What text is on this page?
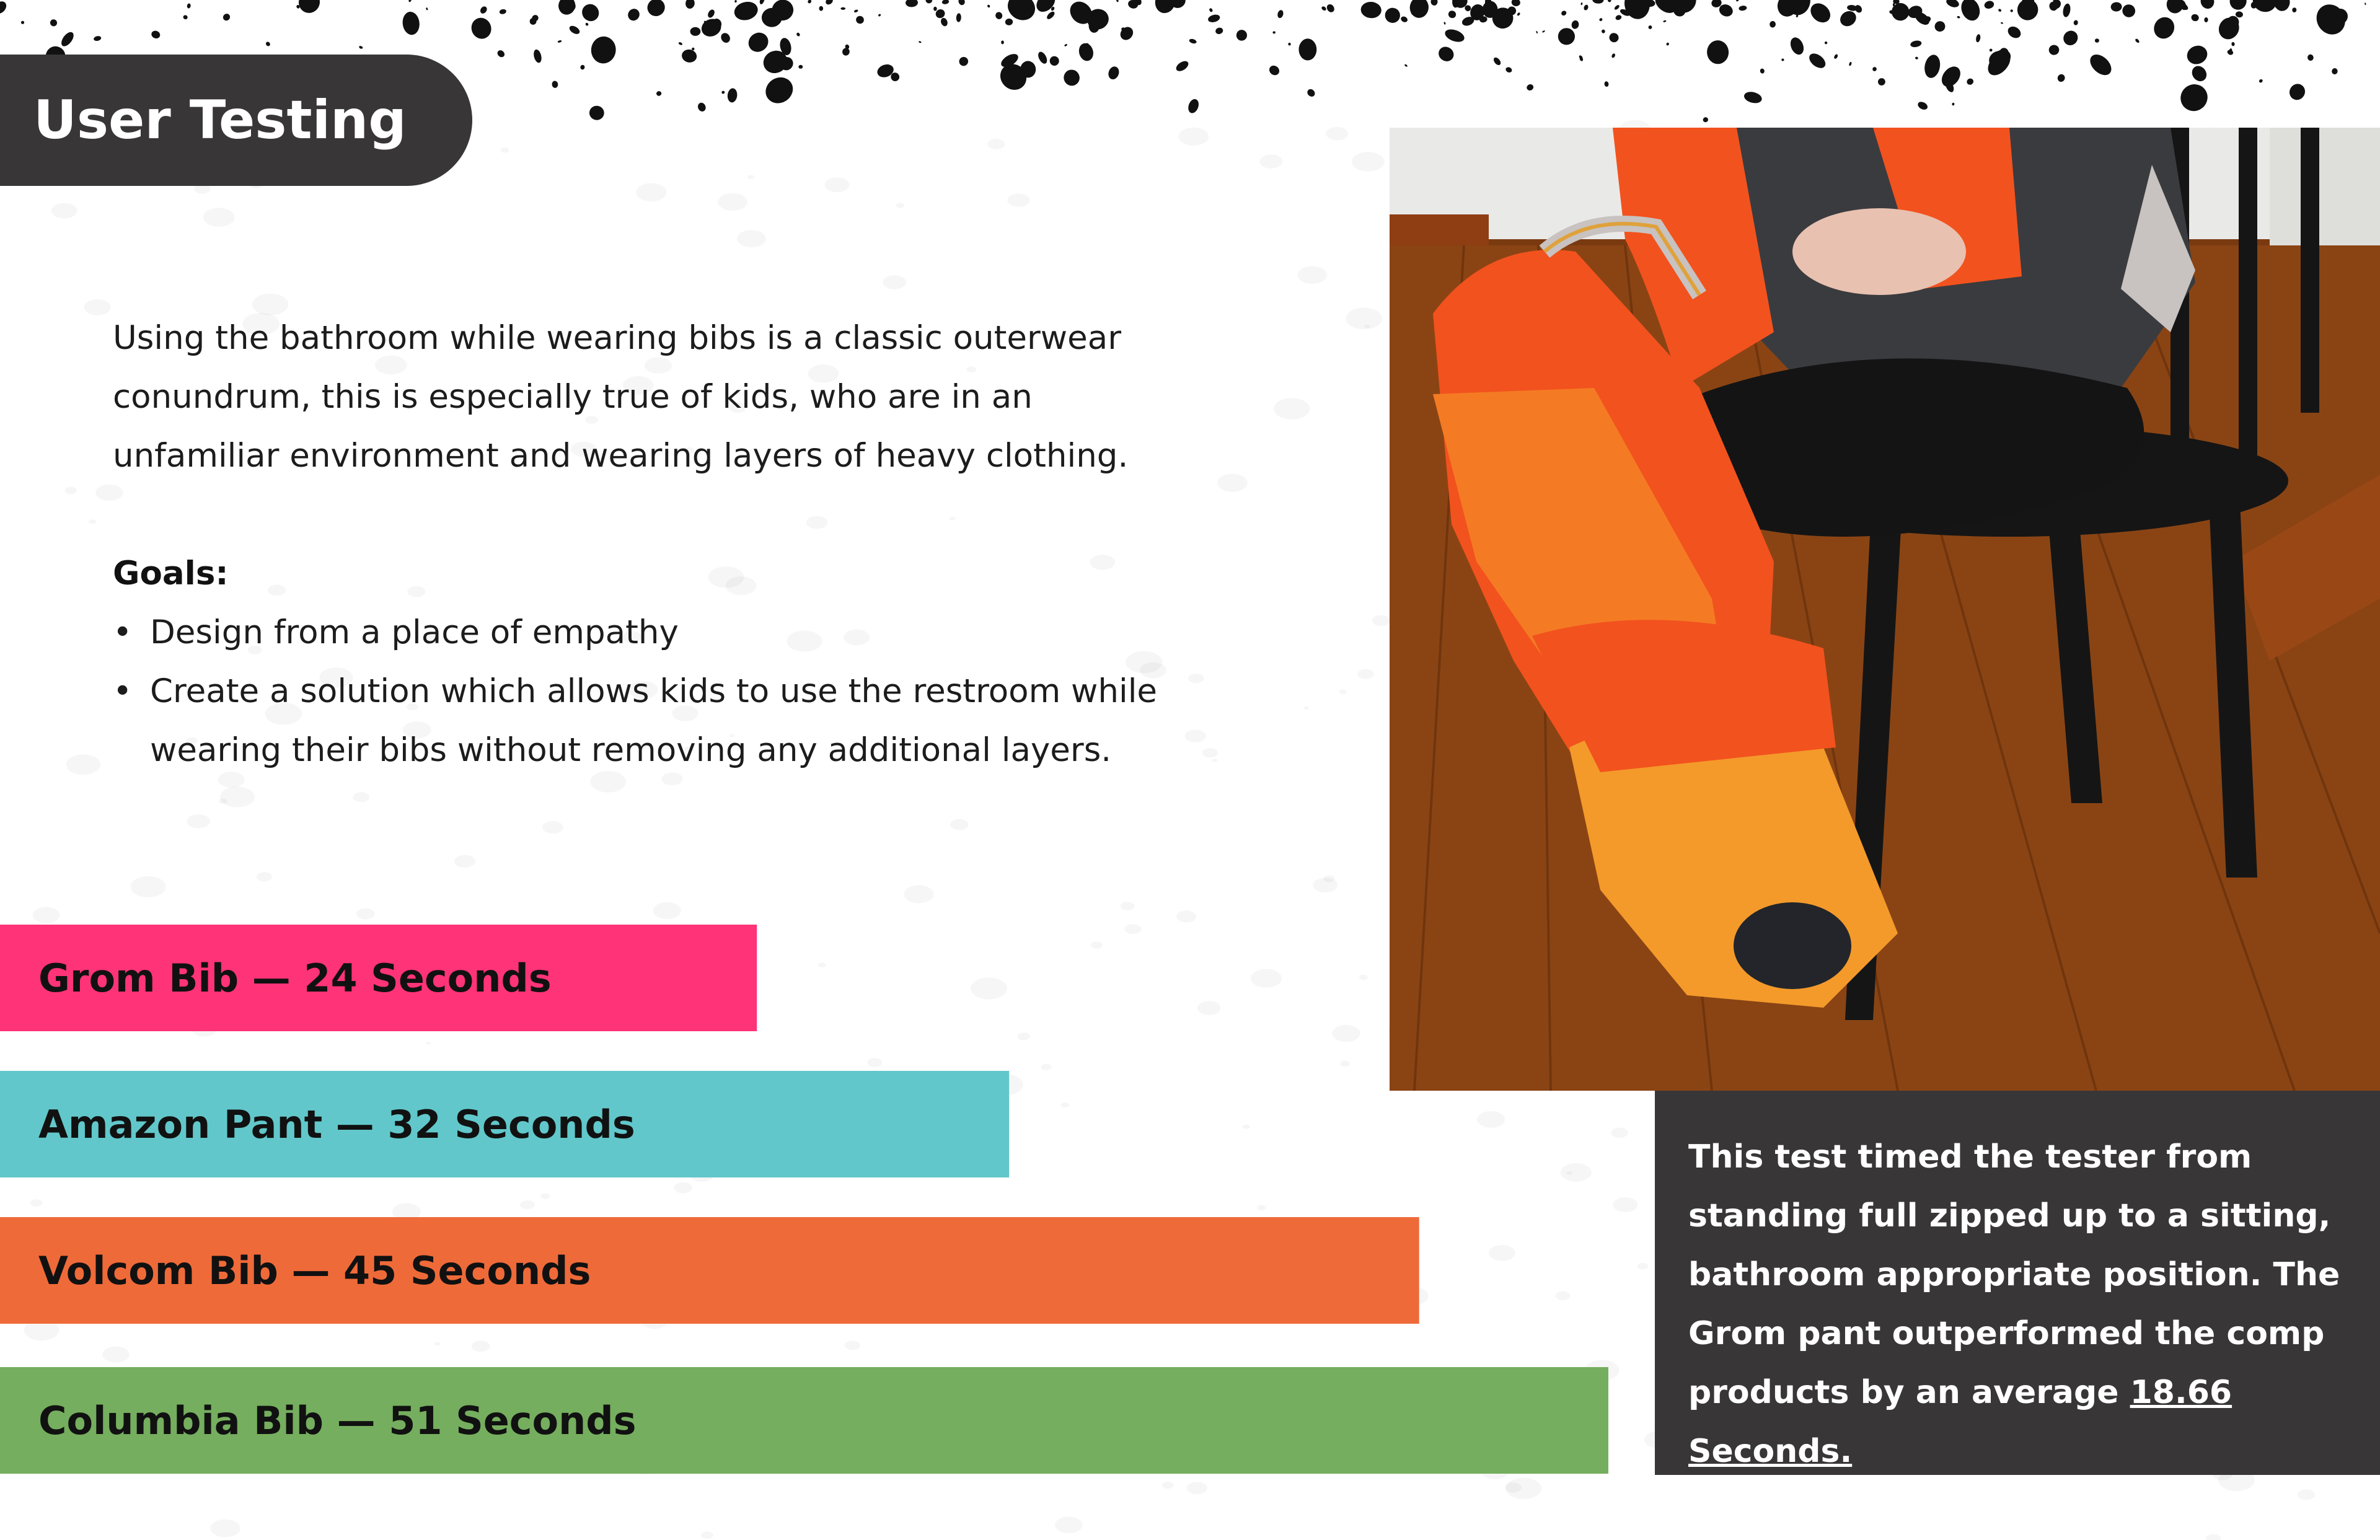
User Testing

Using the bathroom while wearing bibs is a classic outerwear conundrum, this is especially true of kids, who are in an unfamiliar environment and wearing layers of heavy clothing.

Goals:
• Design from a place of empathy
• Create a solution which allows kids to use the restroom while wearing their bibs without removing any additional layers.
Grom Bib — 24 Seconds
Amazon Pant — 32 Seconds
Volcom Bib — 45 Seconds
Columbia Bib — 51 Seconds
This test timed the tester from standing full zipped up to a sitting, bathroom appropriate position. The Grom pant outperformed the comp products by an average 18.66 Seconds.
